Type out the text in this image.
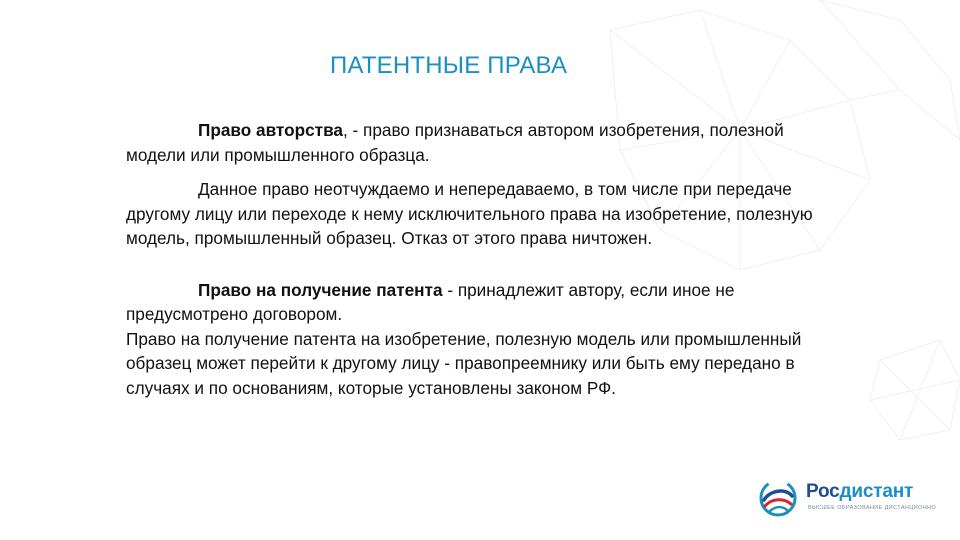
ПАТЕНТНЫЕ ПРАВА

Право авторства, - право признаваться автором изобретения, полезной модели или промышленного образца.

Данное право неотчуждаемо и непередаваемо, в том числе при передаче другому лицу или переходе к нему исключительного права на изобретение, полезную модель, промышленный образец. Отказ от этого права ничтожен.

Право на получение патента - принадлежит автору, если иное не предусмотрено договором.

Право на получение патента на изобретение, полезную модель или промышленный образец может перейти к другому лицу - правопреемнику или быть ему передано в случаях и по основаниям, которые установлены законом РФ.

Росдистант
ВЫСШЕЕ ОБРАЗОВАНИЕ ДИСТАНЦИОННО
